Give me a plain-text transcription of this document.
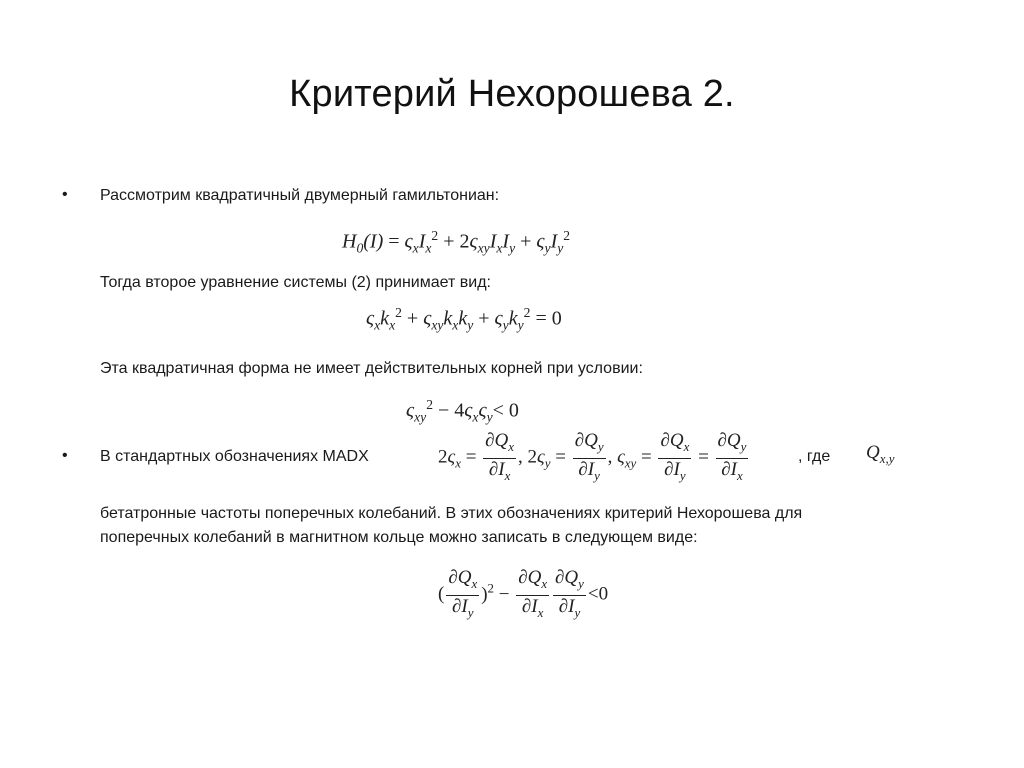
Критерий Нехорошева 2.
• Рассмотрим квадратичный двумерный гамильтониан:
$H_0(I) = \varsigma_xI_x^2 + 2\varsigma_{xy}I_xI_y + \varsigma_yI_y^2$
Тогда второе уравнение системы (2) принимает вид:
$\varsigma_xk_x^2 + \varsigma_{xy}k_xk_y + \varsigma_yk_y^2 = 0$
Эта квадратичная форма не имеет действительных корней при условии:
$\varsigma_{xy}^2 - 4\varsigma_x\varsigma_y< 0$
• В стандартных обозначениях MADX	$2\varsigma_x = \frac{\partial Q_x}{\partial I_x}$ , $2\varsigma_y = \frac{\partial Q_y}{\partial I_y}$ , $\varsigma_{xy} = \frac{\partial Q_x}{\partial I_y} = \frac{\partial Q_y}{\partial I_x}$	, где $Q_{x,y}$
бетатронные частоты поперечных колебаний. В этих обозначениях критерий Нехорошева для
поперечных колебаний в магнитном кольце можно записать в следующем виде:
( $\frac{\partial Q_x}{\partial I_y} )^2 - \frac{\partial Q_x}{\partial I_x} \frac{\partial Q_y}{\partial I_y} <0$
